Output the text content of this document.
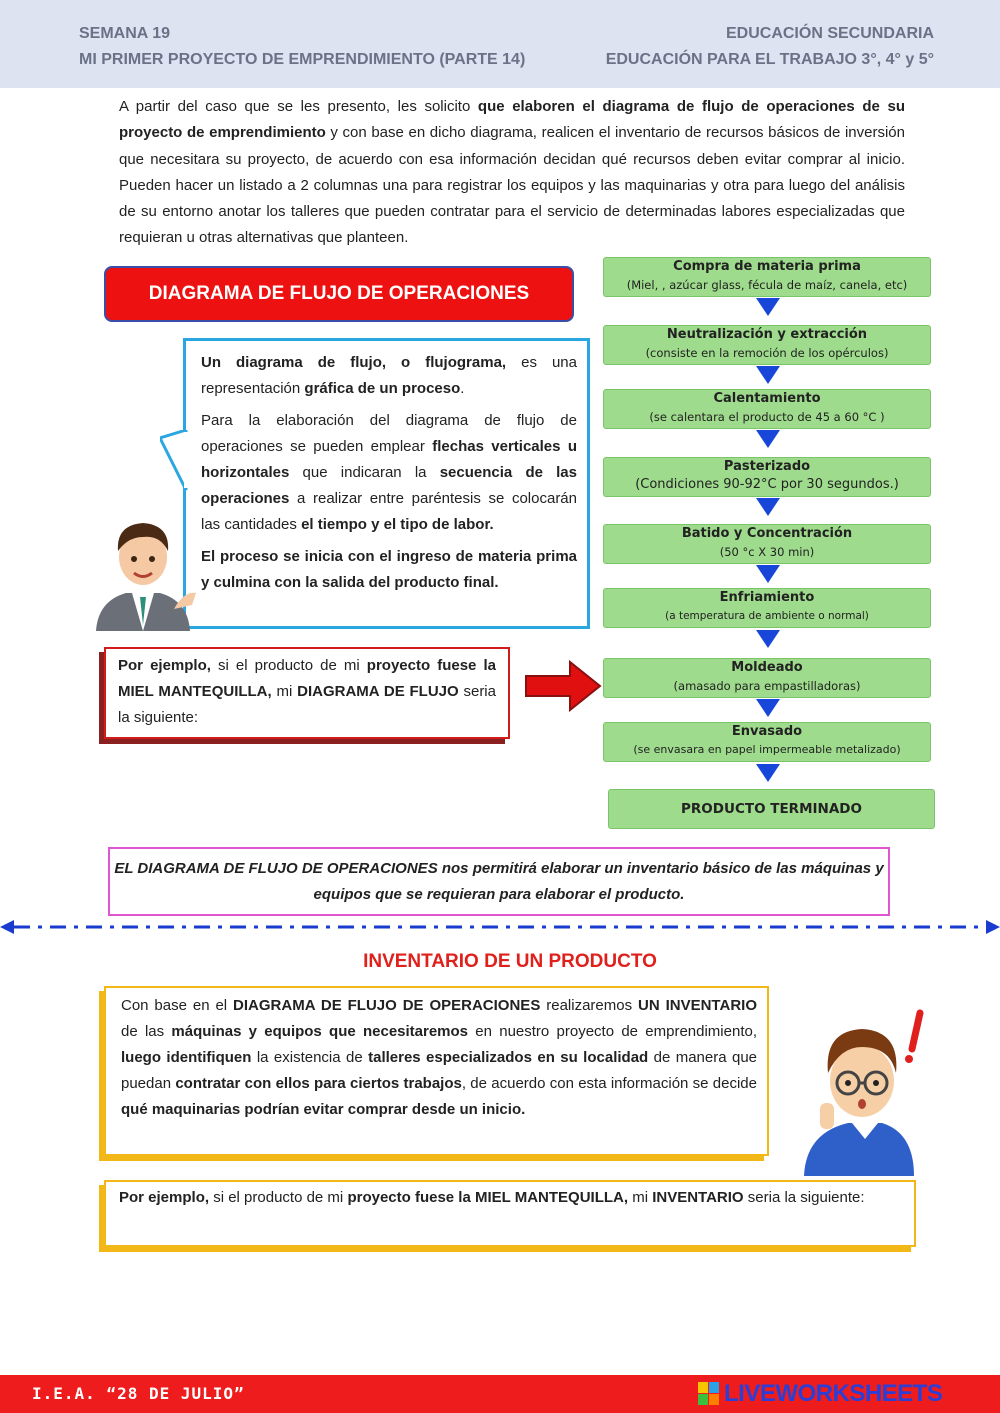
SEMANA 19
MI PRIMER PROYECTO DE EMPRENDIMIENTO (PARTE 14)
EDUCACIÓN SECUNDARIA
EDUCACIÓN PARA EL TRABAJO 3°, 4° y 5°
A partir del caso que se les presento, les solicito que elaboren el diagrama de flujo de operaciones de su proyecto de emprendimiento y con base en dicho diagrama, realicen el inventario de recursos básicos de inversión que necesitara su proyecto, de acuerdo con esa información decidan qué recursos deben evitar comprar al inicio. Pueden hacer un listado a 2 columnas una para registrar los equipos y las maquinarias y otra para luego del análisis de su entorno anotar los talleres que pueden contratar para el servicio de determinadas labores especializadas que requieran u otras alternativas que planteen.
DIAGRAMA DE FLUJO DE OPERACIONES

Un diagrama de flujo, o flujograma, es una representación gráfica de un proceso.

Para la elaboración del diagrama de flujo de operaciones se pueden emplear flechas verticales u horizontales que indicaran la secuencia de las operaciones a realizar entre paréntesis se colocarán las cantidades el tiempo y el tipo de labor.

El proceso se inicia con el ingreso de materia prima y culmina con la salida del producto final.

Por ejemplo, si el producto de mi proyecto fuese la MIEL MANTEQUILLA, mi DIAGRAMA DE FLUJO seria la siguiente:
Compra de materia prima
(Miel, , azúcar glass, fécula de maíz, canela, etc)
Neutralización y extracción
(consiste en la remoción de los opérculos)
Calentamiento
(se calentara el producto de 45 a 60 °C )
Pasterizado
(Condiciones 90-92°C por 30 segundos.)
Batido y Concentración
(50 °c X 30 min)
Enfriamiento
(a temperatura de ambiente o normal)
Moldeado
(amasado para empastilladoras)
Envasado
(se envasara en papel impermeable metalizado)
PRODUCTO TERMINADO
EL DIAGRAMA DE FLUJO DE OPERACIONES nos permitirá elaborar un inventario básico de las máquinas y equipos que se requieran para elaborar el producto.
INVENTARIO DE UN PRODUCTO
Con base en el DIAGRAMA DE FLUJO DE OPERACIONES realizaremos UN INVENTARIO de las máquinas y equipos que necesitaremos en nuestro proyecto de emprendimiento, luego identifiquen la existencia de talleres especializados en su localidad de manera que puedan contratar con ellos para ciertos trabajos, de acuerdo con esta información se decide qué maquinarias podrían evitar comprar desde un inicio.
Por ejemplo, si el producto de mi proyecto fuese la MIEL MANTEQUILLA, mi INVENTARIO seria la siguiente:
I.E.A. “28 DE JULIO”	LIVEWORKSHEETS
